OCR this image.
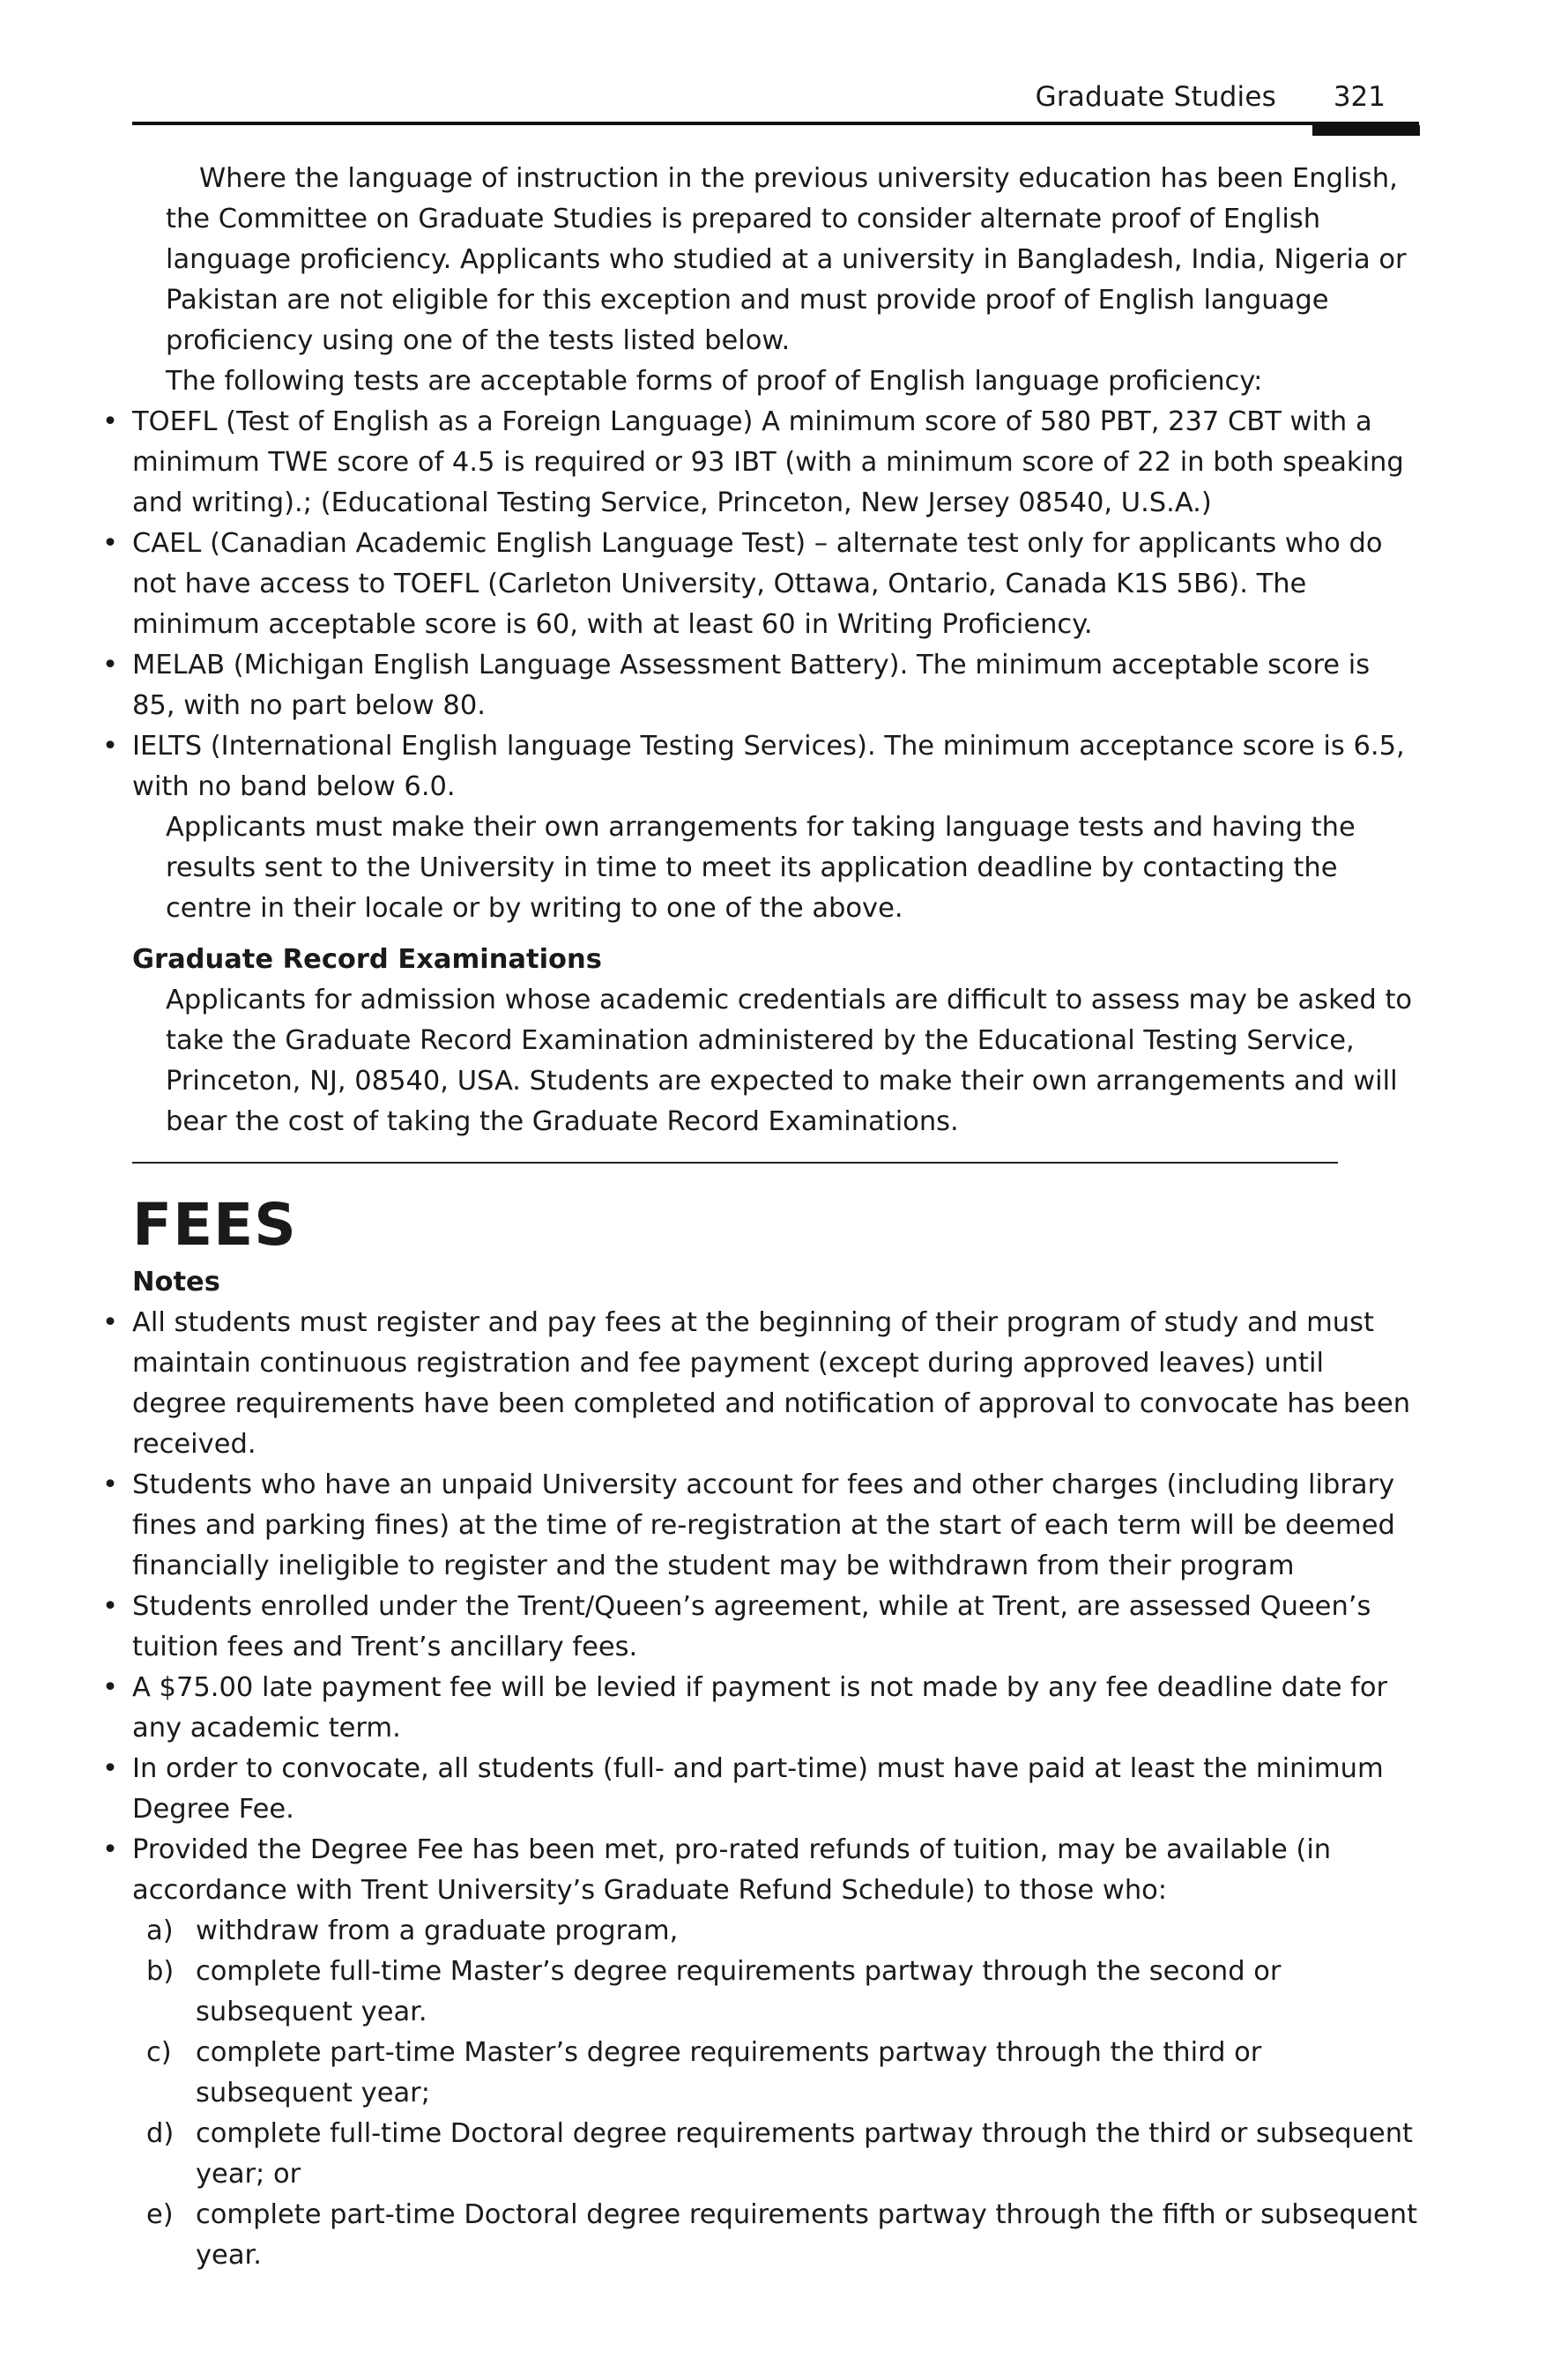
Graduate Studies 321

Where the language of instruction in the previous university education has been English, the Committee on Graduate Studies is prepared to consider alternate proof of English language proficiency. Applicants who studied at a university in Bangladesh, India, Nigeria or Pakistan are not eligible for this exception and must provide proof of English language proficiency using one of the tests listed below.

The following tests are acceptable forms of proof of English language proficiency:

• TOEFL (Test of English as a Foreign Language) A minimum score of 580 PBT, 237 CBT with a minimum TWE score of 4.5 is required or 93 IBT (with a minimum score of 22 in both speaking and writing).; (Educational Testing Service, Princeton, New Jersey 08540, U.S.A.)
• CAEL (Canadian Academic English Language Test) – alternate test only for applicants who do not have access to TOEFL (Carleton University, Ottawa, Ontario, Canada K1S 5B6). The minimum acceptable score is 60, with at least 60 in Writing Proficiency.
• MELAB (Michigan English Language Assessment Battery). The minimum acceptable score is 85, with no part below 80.
• IELTS (International English language Testing Services). The minimum acceptance score is 6.5, with no band below 6.0.

Applicants must make their own arrangements for taking language tests and having the results sent to the University in time to meet its application deadline by contacting the centre in their locale or by writing to one of the above.

Graduate Record Examinations

Applicants for admission whose academic credentials are difficult to assess may be asked to take the Graduate Record Examination administered by the Educational Testing Service, Princeton, NJ, 08540, USA. Students are expected to make their own arrangements and will bear the cost of taking the Graduate Record Examinations.

FEES
Notes
• All students must register and pay fees at the beginning of their program of study and must maintain continuous registration and fee payment (except during approved leaves) until degree requirements have been completed and notification of approval to convocate has been received.
• Students who have an unpaid University account for fees and other charges (including library fines and parking fines) at the time of re-registration at the start of each term will be deemed financially ineligible to register and the student may be withdrawn from their program
• Students enrolled under the Trent/Queen’s agreement, while at Trent, are assessed Queen’s tuition fees and Trent’s ancillary fees.
• A $75.00 late payment fee will be levied if payment is not made by any fee deadline date for any academic term.
• In order to convocate, all students (full- and part-time) must have paid at least the minimum Degree Fee.
• Provided the Degree Fee has been met, pro-rated refunds of tuition, may be available (in accordance with Trent University’s Graduate Refund Schedule) to those who:
a) withdraw from a graduate program,
b) complete full-time Master’s degree requirements partway through the second or subsequent year.
c) complete part-time Master’s degree requirements partway through the third or subsequent year;
d) complete full-time Doctoral degree requirements partway through the third or subsequent year; or
e) complete part-time Doctoral degree requirements partway through the fifth or subsequent year.
